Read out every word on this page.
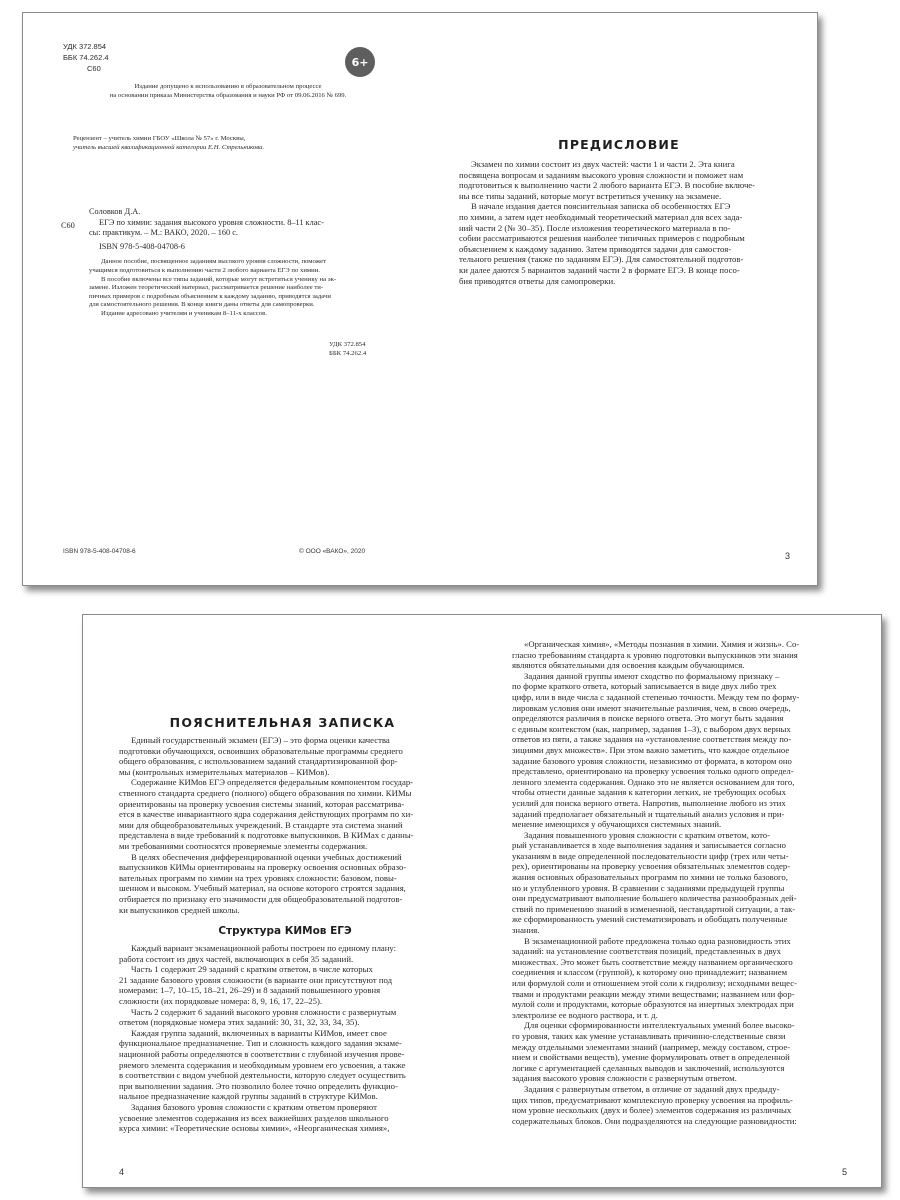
УДК 372.854
ББК 74.262.4
С60	6+
Издание допущено к использованию в образовательном процессе
на основании приказа Министерства образования и науки РФ от 09.06.2016 № 699.
Рецензент – учитель химии ГБОУ «Школа № 57» г. Москвы,
учитель высшей квалификационной категории Е.Н. Стрельникова.
С60
Соловков Д.А.
ЕГЭ по химии: задания высокого уровня сложности. 8–11 клас-
сы: практикум. – М.: ВАКО, 2020. – 160 с.
ISBN 978-5-408-04708-6
Данное пособие, посвященное заданиям высокого уровня сложности, поможет
учащимся подготовиться к выполнению части 2 любого варианта ЕГЭ по химии.
В пособие включены все типы заданий, которые могут встретиться ученику на эк-
замене. Изложен теоретический материал, рассматривается решение наиболее ти-
пичных примеров с подробным объяснением к каждому заданию, приводятся задачи
для самостоятельного решения. В конце книги даны ответы для самопроверки.
Издание адресовано учителям и ученикам 8–11-х классов.
УДК 372.854
ББК 74.262.4
ISBN 978-5-408-04708-6	© ООО «ВАКО», 2020
ПРЕДИСЛОВИЕ
Экзамен по химии состоит из двух частей: части 1 и части 2. Эта книга
посвящена вопросам и заданиям высокого уровня сложности и поможет нам
подготовиться к выполнению части 2 любого варианта ЕГЭ. В пособие включе-
ны все типы заданий, которые могут встретиться ученику на экзамене.
В начале издания дается пояснительная записка об особенностях ЕГЭ
по химии, а затем идет необходимый теоретический материал для всех зада-
ний части 2 (№ 30–35). После изложения теоретического материала в по-
собии рассматриваются решения наиболее типичных примеров с подробным
объяснением к каждому заданию. Затем приводятся задачи для самостоя-
тельного решения (также по заданиям ЕГЭ). Для самостоятельной подготов-
ки далее даются 5 вариантов заданий части 2 в формате ЕГЭ. В конце посо-
бия приводятся ответы для самопроверки.
3
ПОЯСНИТЕЛЬНАЯ ЗАПИСКА
Единый государственный экзамен (ЕГЭ) – это форма оценки качества
подготовки обучающихся, освоивших образовательные программы среднего
общего образования, с использованием заданий стандартизированной фор-
мы (контрольных измерительных материалов – КИМов).
Содержание КИМов ЕГЭ определяется федеральным компонентом государ-
ственного стандарта среднего (полного) общего образования по химии. КИМы
ориентированы на проверку усвоения системы знаний, которая рассматрива-
ется в качестве инвариантного ядра содержания действующих программ по хи-
мии для общеобразовательных учреждений. В стандарте эта система знаний
представлена в виде требований к подготовке выпускников. В КИМах с данны-
ми требованиями соотносятся проверяемые элементы содержания.
В целях обеспечения дифференцированной оценки учебных достижений
выпускников КИМы ориентированы на проверку освоения основных образо-
вательных программ по химии на трех уровнях сложности: базовом, повы-
шенном и высоком. Учебный материал, на основе которого строятся задания,
отбирается по признаку его значимости для общеобразовательной подготов-
ки выпускников средней школы.
Структура КИМов ЕГЭ
Каждый вариант экзаменационной работы построен по единому плану:
работа состоит из двух частей, включающих в себя 35 заданий.
Часть 1 содержит 29 заданий с кратким ответом, в числе которых
21 задание базового уровня сложности (в варианте они присутствуют под
номерами: 1–7, 10–15, 18–21, 26–29) и 8 заданий повышенного уровня
сложности (их порядковые номера: 8, 9, 16, 17, 22–25).
Часть 2 содержит 6 заданий высокого уровня сложности с развернутым
ответом (порядковые номера этих заданий: 30, 31, 32, 33, 34, 35).
Каждая группа заданий, включенных в варианты КИМов, имеет свое
функциональное предназначение. Тип и сложность каждого задания экзаме-
национной работы определяются в соответствии с глубиной изучения прове-
ряемого элемента содержания и необходимым уровнем его усвоения, а также
в соответствии с видом учебной деятельности, которую следует осуществить
при выполнении задания. Это позволило более точно определить функцио-
нальное предназначение каждой группы заданий в структуре КИМов.
Задания базового уровня сложности с кратким ответом проверяют
усвоение элементов содержания из всех важнейших разделов школьного
курса химии: «Теоретические основы химии», «Неорганическая химия»,
4
«Органическая химия», «Методы познания в химии. Химия и жизнь». Со-
гласно требованиям стандарта к уровню подготовки выпускников эти знания
являются обязательными для освоения каждым обучающимся.
Задания данной группы имеют сходство по формальному признаку –
по форме краткого ответа, который записывается в виде двух либо трех
цифр, или в виде числа с заданной степенью точности. Между тем по форму-
лировкам условия они имеют значительные различия, чем, в свою очередь,
определяются различия в поиске верного ответа. Это могут быть задания
с единым контекстом (как, например, задания 1–3), с выбором двух верных
ответов из пяти, а также задания на «установление соответствия между по-
зициями двух множеств». При этом важно заметить, что каждое отдельное
задание базового уровня сложности, независимо от формата, в котором оно
представлено, ориентировано на проверку усвоения только одного определ-
ленного элемента содержания. Однако это не является основанием для того,
чтобы отнести данные задания к категории легких, не требующих особых
усилий для поиска верного ответа. Напротив, выполнение любого из этих
заданий предполагает обязательный и тщательный анализ условия и при-
менение имеющихся у обучающихся системных знаний.
Задания повышенного уровня сложности с кратким ответом, кото-
рый устанавливается в ходе выполнения задания и записывается согласно
указаниям в виде определенной последовательности цифр (трех или четы-
рех), ориентированы на проверку усвоения обязательных элементов содер-
жания основных образовательных программ по химии не только базового,
но и углубленного уровня. В сравнении с заданиями предыдущей группы
они предусматривают выполнение большего количества разнообразных дей-
ствий по применению знаний в измененной, нестандартной ситуации, а так-
же сформированность умений систематизировать и обобщать полученные
знания.
В экзаменационной работе предложена только одна разновидность этих
заданий: на установление соответствия позиций, представленных в двух
множествах. Это может быть соответствие между названием органического
соединения и классом (группой), к которому оно принадлежит; названием
или формулой соли и отношением этой соли к гидролизу; исходными вещес-
твами и продуктами реакции между этими веществами; названием или фор-
мулой соли и продуктами, которые образуются на инертных электродах при
электролизе ее водного раствора, и т. д.
Для оценки сформированности интеллектуальных умений более высоко-
го уровня, таких как умение устанавливать причинно-следственные связи
между отдельными элементами знаний (например, между составом, строе-
нием и свойствами веществ), умение формулировать ответ в определенной
логике с аргументацией сделанных выводов и заключений, используются
задания высокого уровня сложности с развернутым ответом.
Задания с развернутым ответом, в отличие от заданий двух предыду-
щих типов, предусматривают комплексную проверку усвоения на профиль-
ном уровне нескольких (двух и более) элементов содержания из различных
содержательных блоков. Они подразделяются на следующие разновидности:
5
